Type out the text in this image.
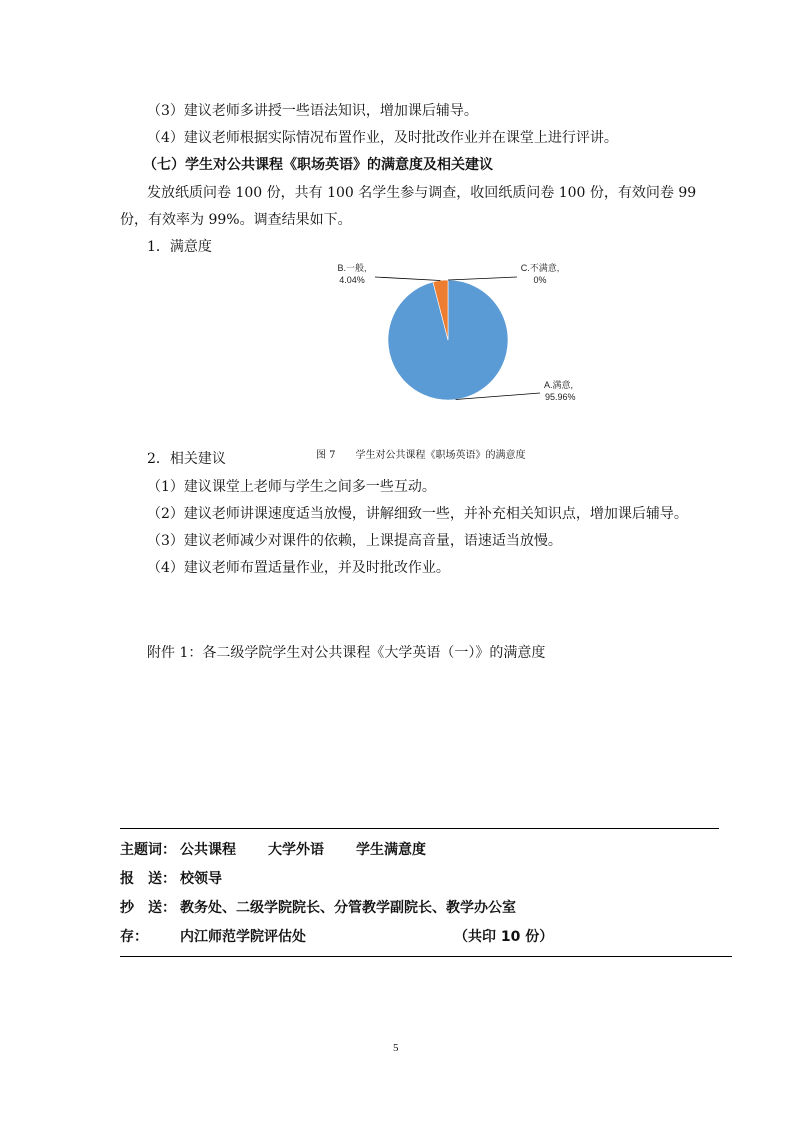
（3）建议老师多讲授一些语法知识，增加课后辅导。
（4）建议老师根据实际情况布置作业，及时批改作业并在课堂上进行评讲。
（七）学生对公共课程《职场英语》的满意度及相关建议
发放纸质问卷 100 份，共有 100 名学生参与调查，收回纸质问卷 100 份，有效问卷 99
份，有效率为 99%。调查结果如下。
1．满意度
A.满意,
95.96%
B.一般,
4.04%
C.不满意,
0%
图 7　　学生对公共课程《职场英语》的满意度
2．相关建议
（1）建议课堂上老师与学生之间多一些互动。
（2）建议老师讲课速度适当放慢，讲解细致一些，并补充相关知识点，增加课后辅导。
（3）建议老师减少对课件的依赖，上课提高音量，语速适当放慢。
（4）建议老师布置适量作业，并及时批改作业。
附件 1：各二级学院学生对公共课程《大学英语（一）》的满意度
主题词： 公共课程 大学外语 学生满意度
报　送： 校领导
抄　送： 教务处、二级学院院长、分管教学副院长、教学办公室
存： 内江师范学院评估处	（共印 10 份）
5
